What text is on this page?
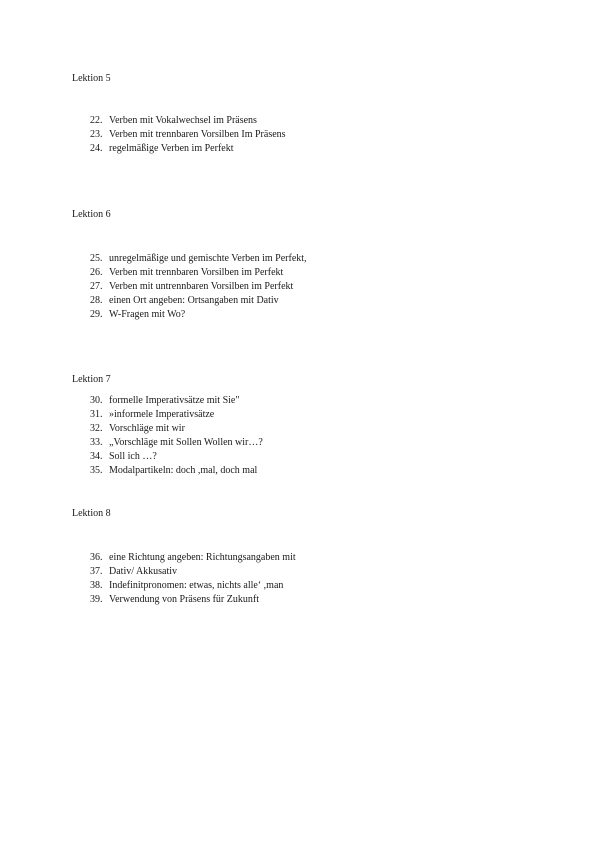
Lektion 5
22. Verben mit Vokalwechsel im Präsens
23. Verben mit trennbaren Vorsilben Im Präsens
24. regelmäßige Verben im Perfekt
Lektion 6
25. unregelmäßige und gemischte Verben im Perfekt,
26. Verben mit trennbaren Vorsilben im Perfekt
27. Verben mit untrennbaren Vorsilben im Perfekt
28. einen Ort angeben: Ortsangaben mit Dativ
29. W-Fragen mit Wo?
Lektion 7
30. formelle Imperativsätze mit Sie"
31. »informele Imperativsätze
32. Vorschläge mit wir
33. „Vorschläge mit Sollen Wollen wir…?
34. Soll ich …?
35. Modalpartikeln: doch ,mal, doch mal
Lektion 8
36. eine Richtung angeben: Richtungsangaben mit
37. Dativ/ Akkusativ
38. Indefinitpronomen: etwas, nichts alle‘ ,man
39. Verwendung von Präsens für Zukunft
